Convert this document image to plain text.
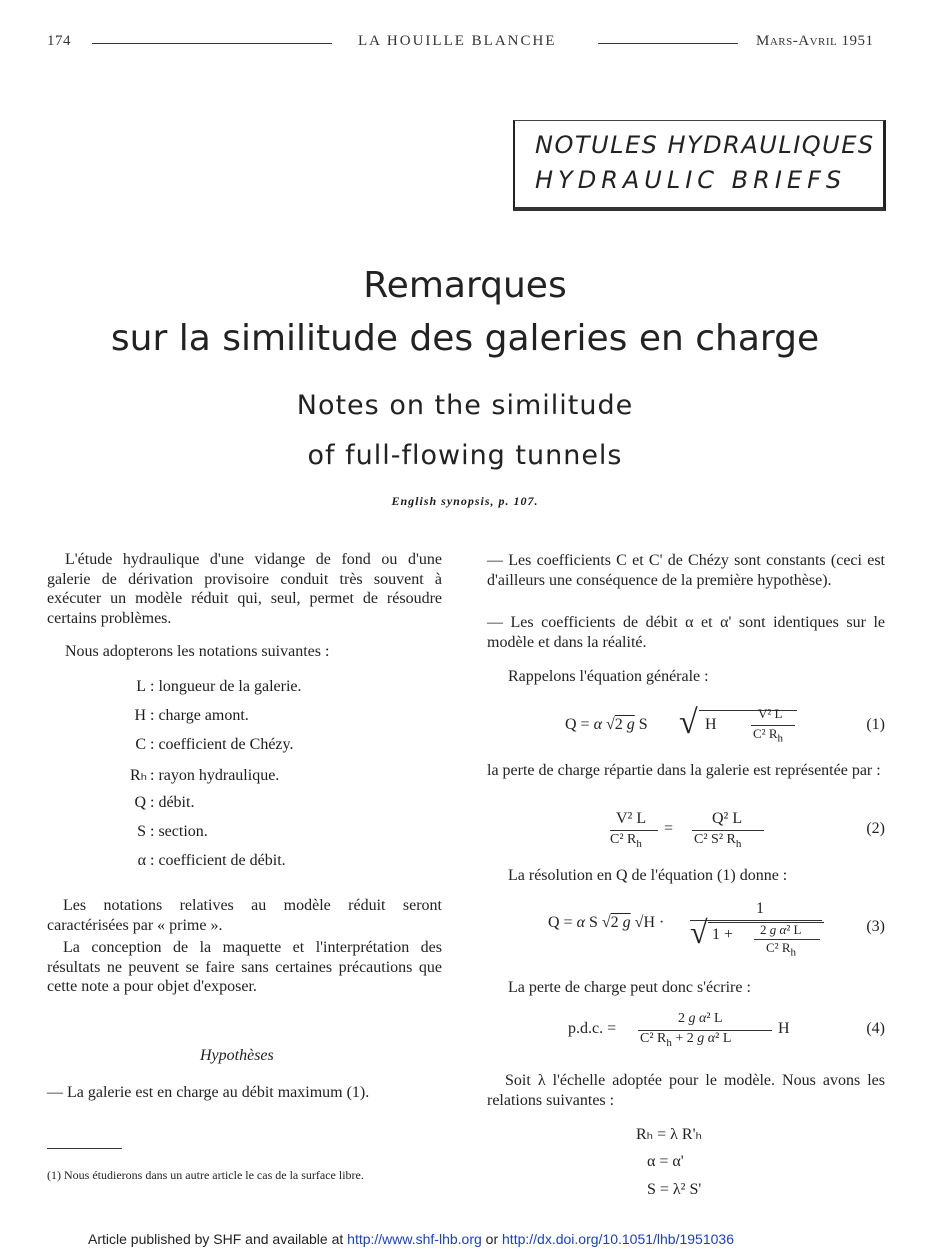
174	LA HOUILLE BLANCHE	Mars-Avril 1951
NOTULES HYDRAULIQUES
HYDRAULIC BRIEFS
Remarques
sur la similitude des galeries en charge
Notes on the similitude
of full-flowing tunnels
English synopsis, p. 107.
L'étude hydraulique d'une vidange de fond ou d'une galerie de dérivation provisoire conduit très souvent à exécuter un modèle réduit qui, seul, permet de résoudre certains problèmes.
Nous adopterons les notations suivantes :
L : longueur de la galerie.
H : charge amont.
C : coefficient de Chézy.
Rₕ : rayon hydraulique.
Q : débit.
S : section.
α : coefficient de débit.
Les notations relatives au modèle réduit seront caractérisées par « prime ».
La conception de la maquette et l'interprétation des résultats ne peuvent se faire sans certaines précautions que cette note a pour objet d'exposer.
Hypothèses
— La galerie est en charge au débit maximum (1).
(1) Nous étudierons dans un autre article le cas de la surface libre.
— Les coefficients C et C' de Chézy sont constants (ceci est d'ailleurs une conséquence de la première hypothèse).
— Les coefficients de débit α et α' sont identiques sur le modèle et dans la réalité.
Rappelons l'équation générale :
Q = α √2 g S √ H
V² L
C² $R_h$
(1)
la perte de charge répartie dans la galerie est représentée par :
V² L
C² $R_h$
=
Q² L
C² S² $R_h$
(2)
La résolution en Q de l'équation (1) donne :
Q = α S √2 g √H ·
1
√ 1 + 2 g α² L
C² $R_h$
(3)
La perte de charge peut donc s'écrire :
p.d.c. =
2 g α² L
C² $R_h + 2$ g α² L
H	(4)
Soit λ l'échelle adoptée pour le modèle. Nous avons les relations suivantes :
Rₕ = λ R'ₕ
α = α'
S = λ² S'
Article published by SHF and available at http://www.shf-lhb.org or http://dx.doi.org/10.1051/lhb/1951036
